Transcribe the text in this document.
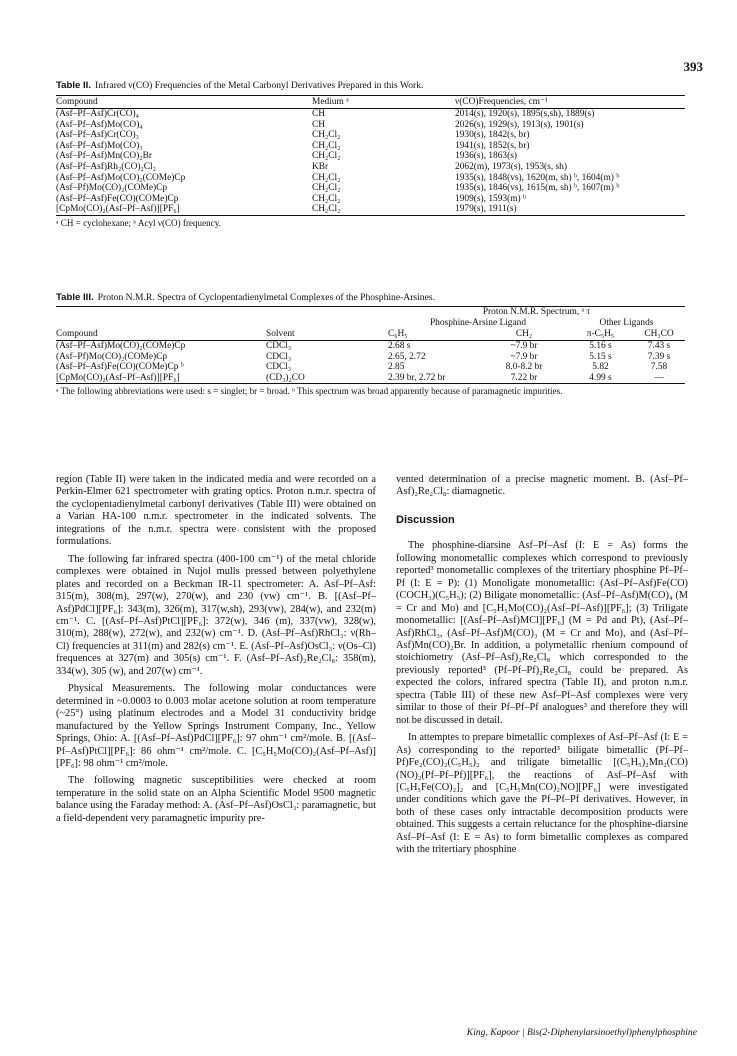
393
Table II. Infrared ν(CO) Frequencies of the Metal Carbonyl Derivatives Prepared in this Work.
Compound	Medium ᵃ	ν(CO)Frequencies, cm⁻¹
(Asf–Pf–Asf)Cr(CO)₄	CH	2014(s), 1920(s), 1895(s,sh), 1889(s)
(Asf–Pf–Asf)Mo(CO)₄	CH	2026(s), 1929(s), 1913(s), 1901(s)
(Asf–Pf–Asf)Cr(CO)₃	CH₂Cl₂	1930(s), 1842(s, br)
(Asf–Pf–Asf)Mo(CO)₃	CH₂Cl₂	1941(s), 1852(s, br)
(Asf–Pf–Asf)Mn(CO)₂Br	CH₂Cl₂	1936(s), 1863(s)
(Asf–Pf–Asf)Rh₂(CO)₂Cl₂	KBr	2062(m), 1973(s), 1953(s, sh)
(Asf–Pf–Asf)Mo(CO)₂(COMe)Cp	CH₂Cl₂	1935(s), 1848(vs), 1620(m, sh) ᵇ, 1604(m) ᵇ
(Asf–Pf)Mo(CO)₂(COMe)Cp	CH₂Cl₂	1935(s), 1846(vs), 1615(m, sh) ᵇ, 1607(m) ᵇ
(Asf–Pf–Asf)Fe(CO)(COMe)Cp	CH₂Cl₂	1909(s), 1593(m) ᵇ
[CpMo(CO)₂(Asf–Pf–Asf)][PF₆]	CH₂Cl₂	1979(s), 1911(s)
ᵃ CH = cyclohexane; ᵇ Acyl ν(CO) frequency.
Table III. Proton N.M.R. Spectra of Cyclopentadienylmetal Complexes of the Phosphine-Arsines.
		Proton N.M.R. Spectrum, ᵃ τ			
		Phosphine-Arsine Ligand		Other Ligands	
Compound	Solvent	C₆H₅	CH₂	π-C₅H₅	CH₃CO
(Asf–Pf–Asf)Mo(CO)₂(COMe)Cp	CDCl₃	2.68 s	~7.9 br	5.16 s	7.43 s
(Asf–Pf)Mo(CO)₂(COMe)Cp	CDCl₃	2.65, 2.72	~7.9 br	5.15 s	7.39 s
(Asf–Pf–Asf)Fe(CO)(COMe)Cp ᵇ	CDCl₃	2.85	8.0-8.2 br	5.82	7.58
[CpMo(CO)₂(Asf–Pf–Asf)][PF₆]	(CD₃)₂CO	2.39 br, 2.72 br	7.22 br	4.99 s	—
ᵃ The following abbreviations were used: s = singlet; br = broad. ᵇ This spectrum was broad apparently because of paramagnetic impurities.

region (Table II) were taken in the indicated media and were recorded on a Perkin-Elmer 621 spectrometer with grating optics. Proton n.m.r. spectra of the cyclopentadienylmetal carbonyl derivatives (Table III) were obtained on a Varian HA-100 n.m.r. spectrometer in the indicated solvents. The integrations of the n.m.r. spectra were consistent with the proposed formulations.

The following far infrared spectra (400-100 cm⁻¹) of the metal chloride complexes were obtained in Nujol mulls pressed between polyethylene plates and recorded on a Beckman IR-11 spectrometer: A. Asf–Pf–Asf: 315(m), 308(m), 297(w), 270(w), and 230 (vw) cm⁻¹. B. [(Asf–Pf–Asf)PdCl][PF₆]: 343(m), 326(m), 317(w,sh), 293(vw), 284(w), and 232(m) cm⁻¹. C. [(Asf–Pf–Asf)PtCl][PF₆]: 372(w), 346 (m), 337(vw), 328(w), 310(m), 288(w), 272(w), and 232(w) cm⁻¹. D. (Asf–Pf–Asf)RhCl₃: ν(Rh–Cl) frequencies at 311(m) and 282(s) cm⁻¹. E. (Asf–Pf–Asf)OsCl₃: ν(Os–Cl) frequences at 327(m) and 305(s) cm⁻¹. F. (Asf–Pf–Asf)₂Re₂Cl₈: 358(m), 334(w), 305 (w), and 207(w) cm⁻¹.

Physical Measurements. The following molar conductances were determined in ~0.0003 to 0.003 molar acetone solution at room temperature (~25°) using platinum electrodes and a Model 31 conductivity bridge manufactured by the Yellow Springs Instrument Company, Inc., Yellow Springs, Ohio: A. [(Asf–Pf–Asf)PdCl][PF₆]: 97 ohm⁻¹ cm²/mole. B. [(Asf–Pf–Asf)PtCl][PF₆]: 86 ohm⁻¹ cm²/mole. C. [C₅H₅Mo(CO)₂(Asf–Pf–Asf)][PF₆]: 98 ohm⁻¹ cm²/mole.

The following magnetic susceptibilities were checked at room temperature in the solid state on an Alpha Scientific Model 9500 magnetic balance using the Faraday method: A. (Asf–Pf–Asf)OsCl₃: paramagnetic, but a field-dependent very paramagnetic impurity pre-

vented determination of a precise magnetic moment. B. (Asf–Pf–Asf)₂Re₂Cl₈: diamagnetic.

Discussion

The phosphine-diarsine Asf–Pf–Asf (I: E = As) forms the following monometallic complexes which correspond to previously reported³ monometallic complexes of the tritertiary phosphine Pf–Pf–Pf (I: E = P): (1) Monoligate monometallic: (Asf–Pf–Asf)Fe(CO)(COCH₃)(C₅H₅); (2) Biligate monometallic: (Asf–Pf–Asf)M(CO)₄ (M = Cr and Mo) and [C₅H₅Mo(CO)₂(Asf–Pf–Asf)][PF₆]; (3) Triligate monometallic: [(Asf–Pf–Asf)MCl][PF₆] (M = Pd and Pt), (Asf–Pf–Asf)RhCl₃, (Asf–Pf–Asf)M(CO)₃ (M = Cr and Mo), and (Asf–Pf–Asf)Mn(CO)₂Br. In addition, a polymetallic rhenium compound of stoichiometry (Asf–Pf–Asf)₂Re₂Cl₈ which corresponded to the previously reported³ (Pf–Pf–Pf)₂Re₂Cl₈ could be prepared. As expected the colors, infrared spectra (Table II), and proton n.m.r. spectra (Table III) of these new Asf–Pf–Asf complexes were very similar to those of their Pf–Pf–Pf analogues³ and therefore they will not be discussed in detail.

In attemptes to prepare bimetallic complexes of Asf–Pf–Asf (I: E = As) corresponding to the reported³ biligate bimetallic (Pf–Pf–Pf)Fe₂(CO)₂(C₅H₅)₂ and triligate bimetallic [(C₅H₅)₂Mn₂(CO)(NO)₂(Pf–Pf–Pf)][PF₆], the reactions of Asf–Pf–Asf with [C₅H₅Fe(CO)₂]₂ and [C₅H₅Mn(CO)₂NO][PF₆] were investigated under conditions which gave the Pf–Pf–Pf derivatives. However, in both of these cases only intractable decomposition products were obtained. This suggests a certain reluctance for the phosphine-diarsine Asf–Pf–Asf (I: E = As) to form bimetallic complexes as compared with the tritertiary phosphine

King, Kapoor | Bis(2-Diphenylarsinoethyl)phenylphosphine
